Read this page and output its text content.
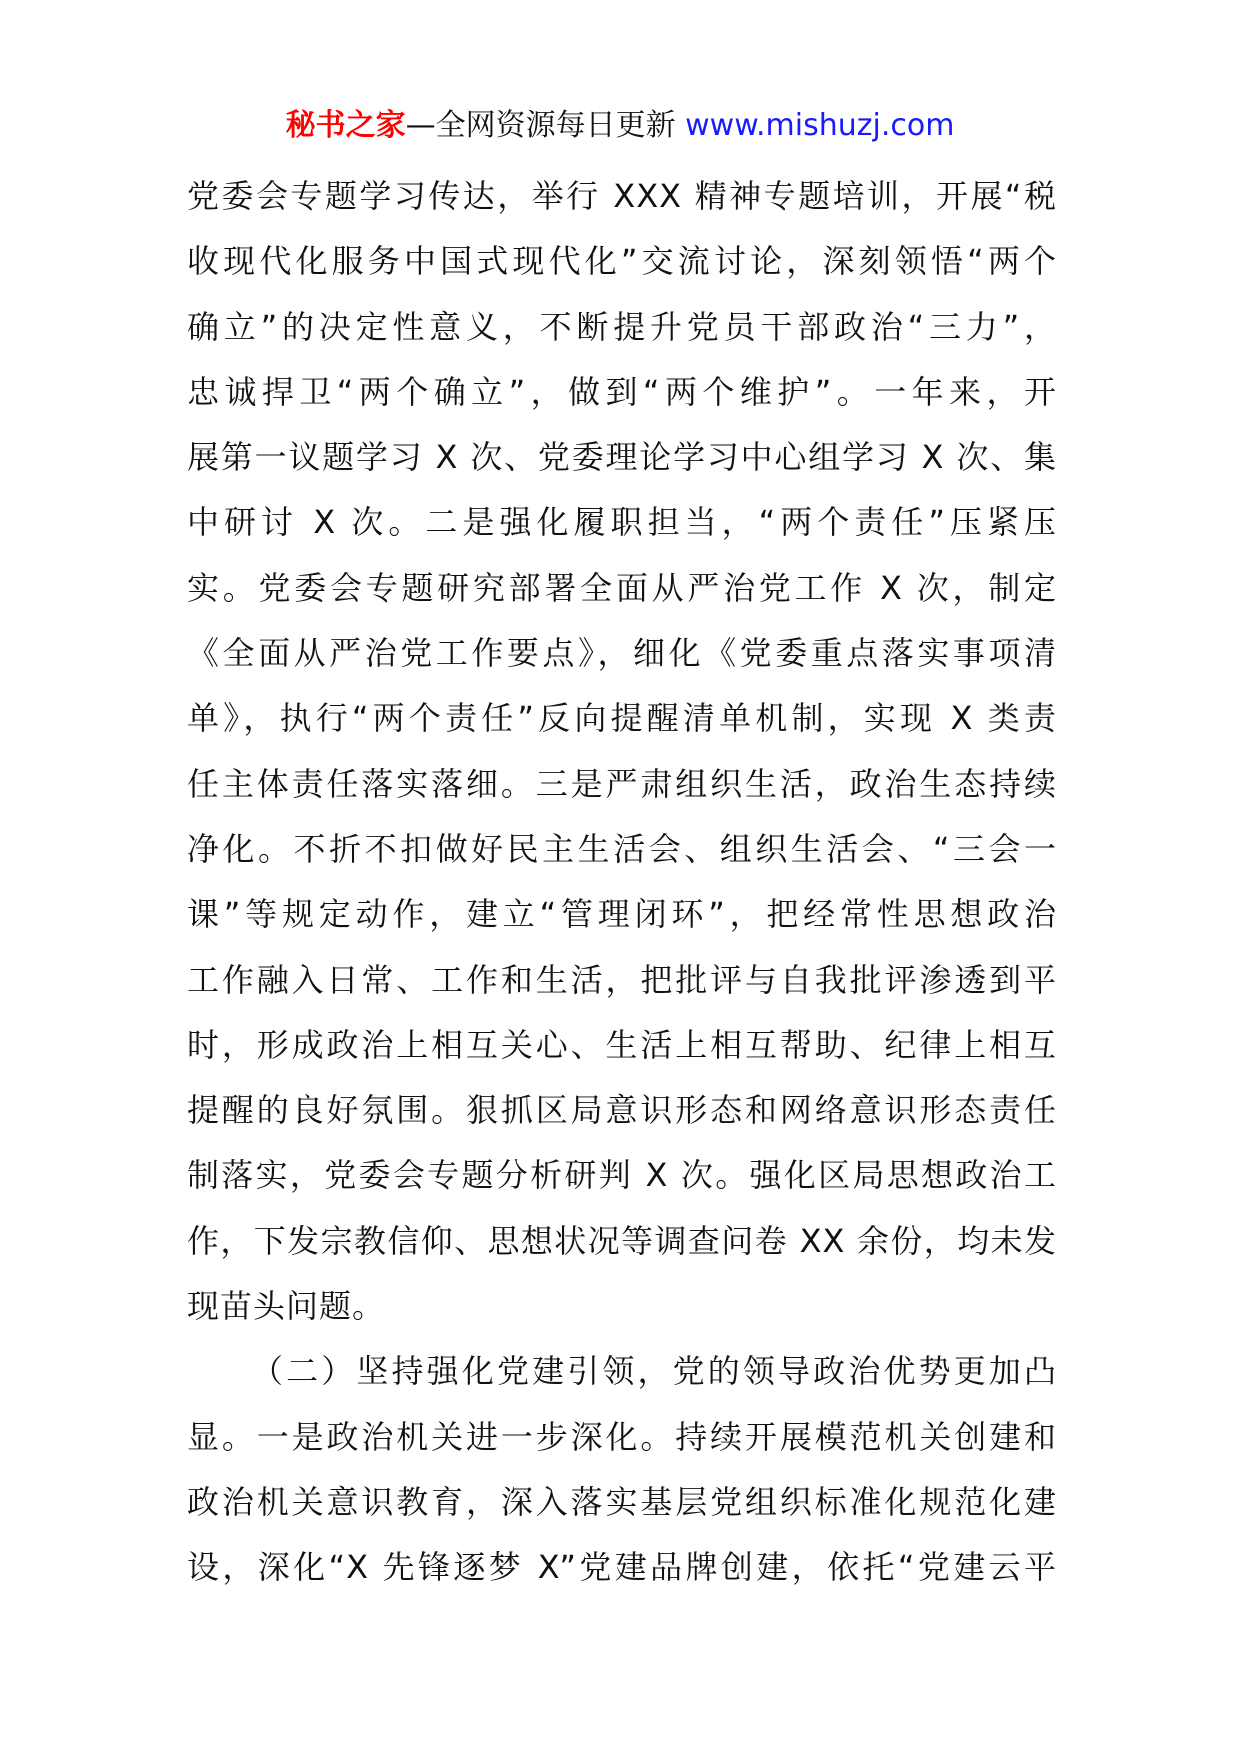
秘书之家—全网资源每日更新 www.mishuzj.com
党委会专题学习传达，举行 XXX 精神专题培训，开展“税
收现代化服务中国式现代化”交流讨论，深刻领悟“两个
确立”的决定性意义，不断提升党员干部政治“三力”，
忠诚捍卫“两个确立”，做到“两个维护”。一年来，开
展第一议题学习 X 次、党委理论学习中心组学习 X 次、集
中研讨 X 次。二是强化履职担当，“两个责任”压紧压
实。党委会专题研究部署全面从严治党工作 X 次，制定
《全面从严治党工作要点》，细化《党委重点落实事项清
单》，执行“两个责任”反向提醒清单机制，实现 X 类责
任主体责任落实落细。三是严肃组织生活，政治生态持续
净化。不折不扣做好民主生活会、组织生活会、“三会一
课”等规定动作，建立“管理闭环”，把经常性思想政治
工作融入日常、工作和生活，把批评与自我批评渗透到平
时，形成政治上相互关心、生活上相互帮助、纪律上相互
提醒的良好氛围。狠抓区局意识形态和网络意识形态责任
制落实，党委会专题分析研判 X 次。强化区局思想政治工
作，下发宗教信仰、思想状况等调查问卷 XX 余份，均未发
现苗头问题。
（二）坚持强化党建引领，党的领导政治优势更加凸
显。一是政治机关进一步深化。持续开展模范机关创建和
政治机关意识教育，深入落实基层党组织标准化规范化建
设，深化“X 先锋逐梦 X”党建品牌创建，依托“党建云平
